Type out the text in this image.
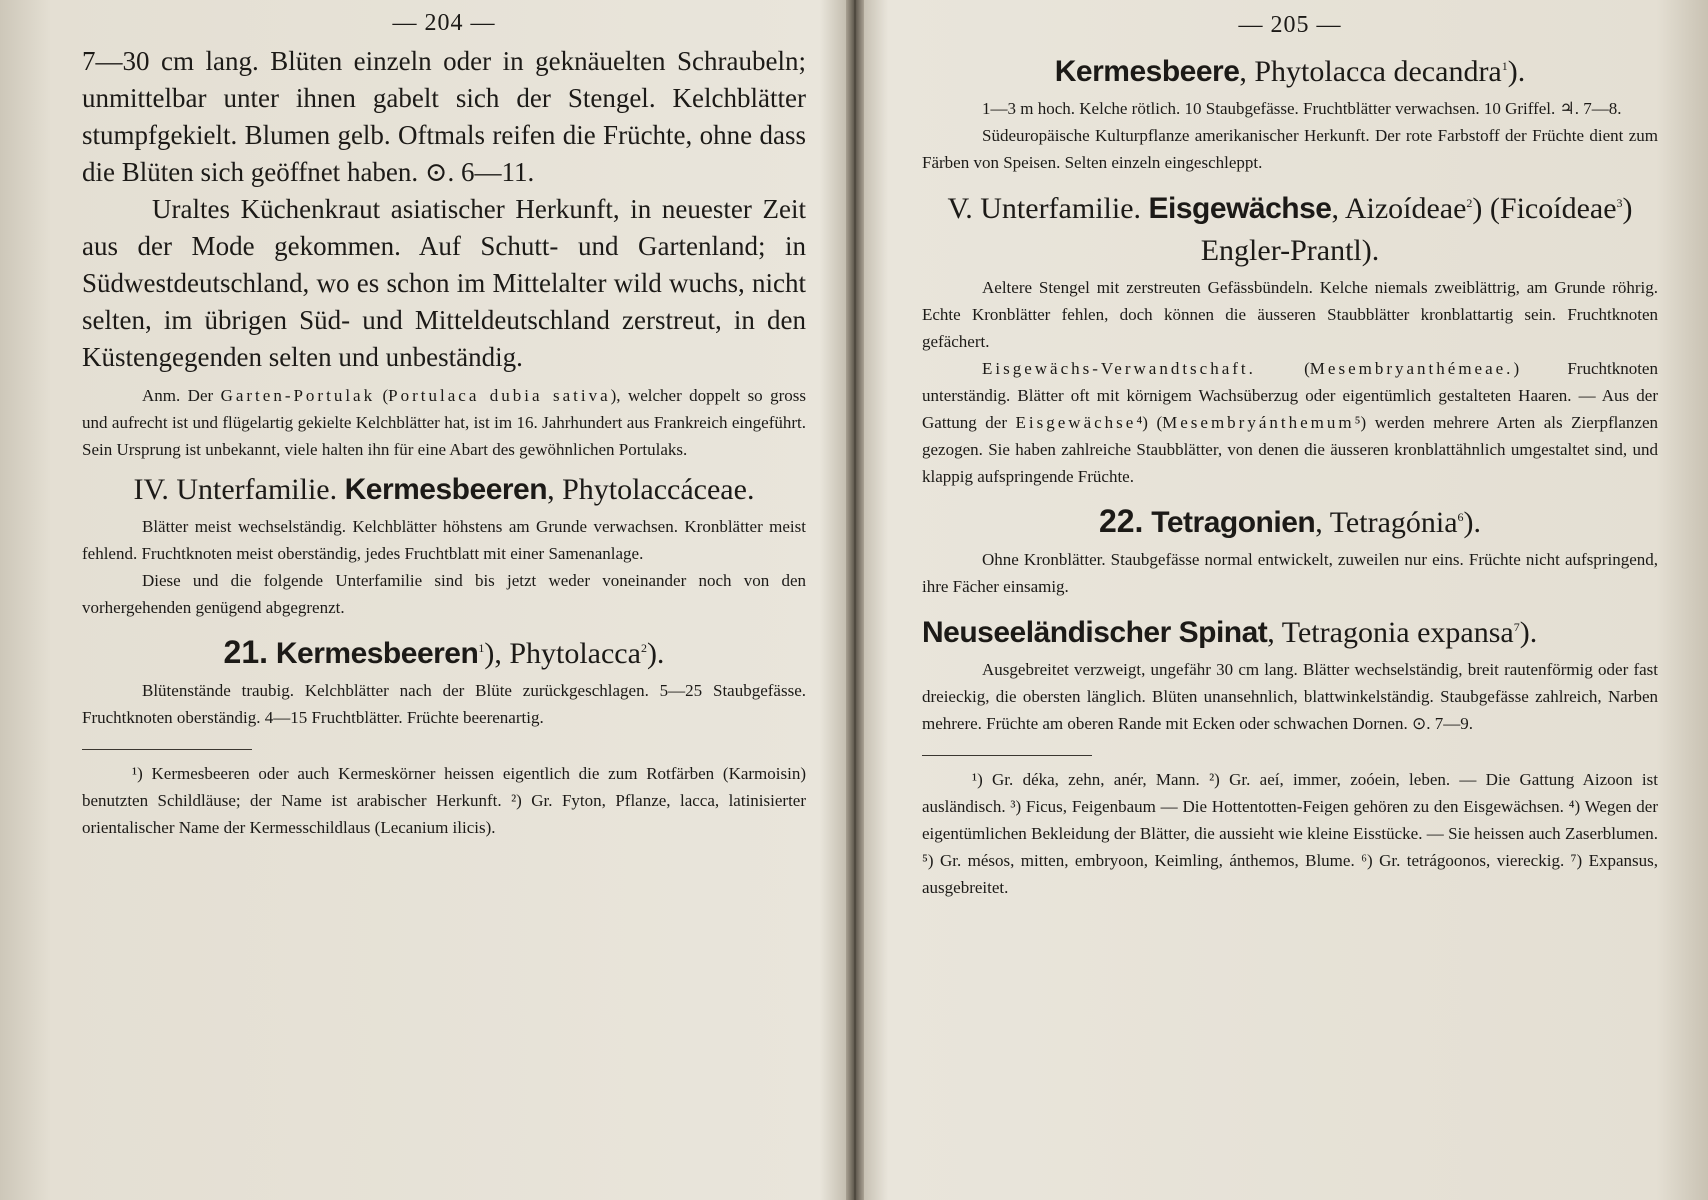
— 204 —

7—30 cm lang. Blüten einzeln oder in geknäuelten Schraubeln; unmittelbar unter ihnen gabelt sich der Stengel. Kelchblätter stumpfgekielt. Blumen gelb. Oftmals reifen die Früchte, ohne dass die Blüten sich geöffnet haben. ⊙. 6—11.

Uraltes Küchenkraut asiatischer Herkunft, in neuester Zeit aus der Mode gekommen. Auf Schutt- und Gartenland; in Südwestdeutschland, wo es schon im Mittelalter wild wuchs, nicht selten, im übrigen Süd- und Mitteldeutschland zerstreut, in den Küstengegenden selten und unbeständig.

Anm. Der Garten-Portulak (Portulaca dubia sativa), welcher doppelt so gross und aufrecht ist und flügelartig gekielte Kelchblätter hat, ist im 16. Jahrhundert aus Frankreich eingeführt. Sein Ursprung ist unbekannt, viele halten ihn für eine Abart des gewöhnlichen Portulaks.

IV. Unterfamilie. Kermesbeeren, Phytolaccáceae.

Blätter meist wechselständig. Kelchblätter höhstens am Grunde verwachsen. Kronblätter meist fehlend. Fruchtknoten meist oberständig, jedes Fruchtblatt mit einer Samenanlage.

Diese und die folgende Unterfamilie sind bis jetzt weder voneinander noch von den vorhergehenden genügend abgegrenzt.

21. Kermesbeeren$^1$), Phytolacca$^2$).

Blütenstände traubig. Kelchblätter nach der Blüte zurückgeschlagen. 5—25 Staubgefässe. Fruchtknoten oberständig. 4—15 Fruchtblätter. Früchte beerenartig.

¹) Kermesbeeren oder auch Kermeskörner heissen eigentlich die zum Rotfärben (Karmoisin) benutzten Schildläuse; der Name ist arabischer Herkunft. ²) Gr. Fyton, Pflanze, lacca, latinisierter orientalischer Name der Kermesschildlaus (Lecanium ilicis).

— 205 —
Kermesbeere, Phytolacca decandra$^1$).

1—3 m hoch. Kelche rötlich. 10 Staubgefässe. Fruchtblätter verwachsen. 10 Griffel. ♃. 7—8.

Südeuropäische Kulturpflanze amerikanischer Herkunft. Der rote Farbstoff der Früchte dient zum Färben von Speisen. Selten einzeln eingeschleppt.

V. Unterfamilie. Eisgewächse, Aizoídeae$^2$) (Ficoídeae$^3$) Engler-Prantl).

Aeltere Stengel mit zerstreuten Gefässbündeln. Kelche niemals zweiblättrig, am Grunde röhrig. Echte Kronblätter fehlen, doch können die äusseren Staubblätter kronblattartig sein. Fruchtknoten gefächert.

Eisgewächs-Verwandtschaft. (Mesembryanthémeae.) Fruchtknoten unterständig. Blätter oft mit körnigem Wachsüberzug oder eigentümlich gestalteten Haaren. — Aus der Gattung der Eisgewächse⁴) (Mesembryánthemum⁵) werden mehrere Arten als Zierpflanzen gezogen. Sie haben zahlreiche Staubblätter, von denen die äusseren kronblattähnlich umgestaltet sind, und klappig aufspringende Früchte.

22. Tetragonien, Tetragónia$^6$).

Ohne Kronblätter. Staubgefässe normal entwickelt, zuweilen nur eins. Früchte nicht aufspringend, ihre Fächer einsamig.

Neuseeländischer Spinat, Tetragonia expansa$^7$).

Ausgebreitet verzweigt, ungefähr 30 cm lang. Blätter wechselständig, breit rautenförmig oder fast dreieckig, die obersten länglich. Blüten unansehnlich, blattwinkelständig. Staubgefässe zahlreich, Narben mehrere. Früchte am oberen Rande mit Ecken oder schwachen Dornen. ⊙. 7—9.

¹) Gr. déka, zehn, anér, Mann. ²) Gr. aeí, immer, zoóein, leben. — Die Gattung Aizoon ist ausländisch. ³) Ficus, Feigenbaum — Die Hottentotten-Feigen gehören zu den Eisgewächsen. ⁴) Wegen der eigentümlichen Bekleidung der Blätter, die aussieht wie kleine Eisstücke. — Sie heissen auch Zaserblumen. ⁵) Gr. mésos, mitten, embryoon, Keimling, ánthemos, Blume. ⁶) Gr. tetrágoonos, viereckig. ⁷) Expansus, ausgebreitet.
